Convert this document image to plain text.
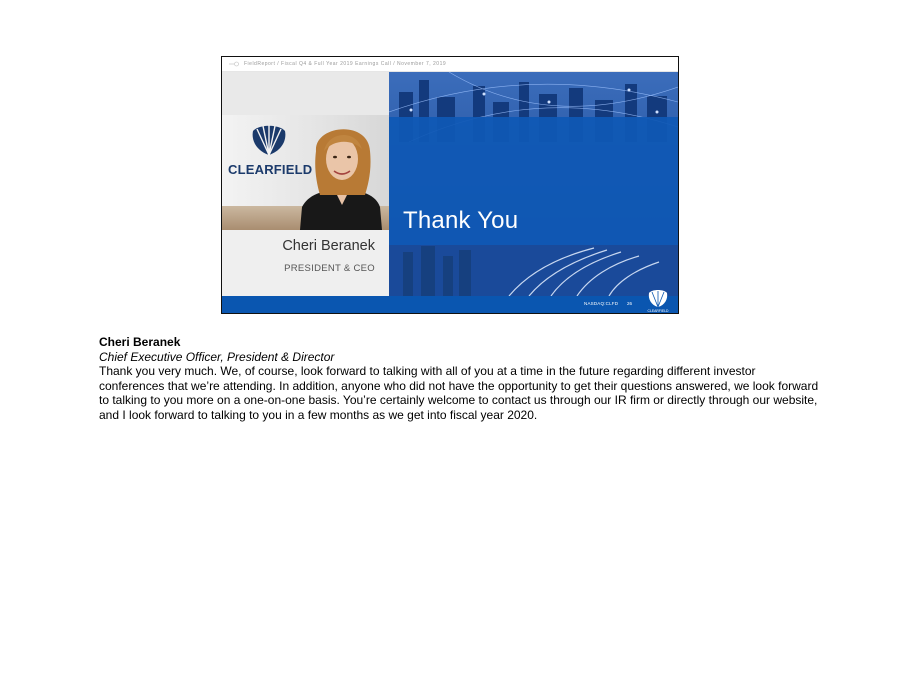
FieldReport / Fiscal Q4 & Full Year 2019 Earnings Call / November 7, 2019
CLEARFIELD
Cheri Beranek
PRESIDENT & CEO
Thank You
NASDAQ:CLFD 26
CLEARFIELD
Cheri Beranek
Chief Executive Officer, President & Director
Thank you very much. We, of course, look forward to talking with all of you at a time in the future regarding different investor conferences that we’re attending. In addition, anyone who did not have the opportunity to get their questions answered, we look forward to talking to you more on a one-on-one basis. You’re certainly welcome to contact us through our IR firm or directly through our website, and I look forward to talking to you in a few months as we get into fiscal year 2020.
